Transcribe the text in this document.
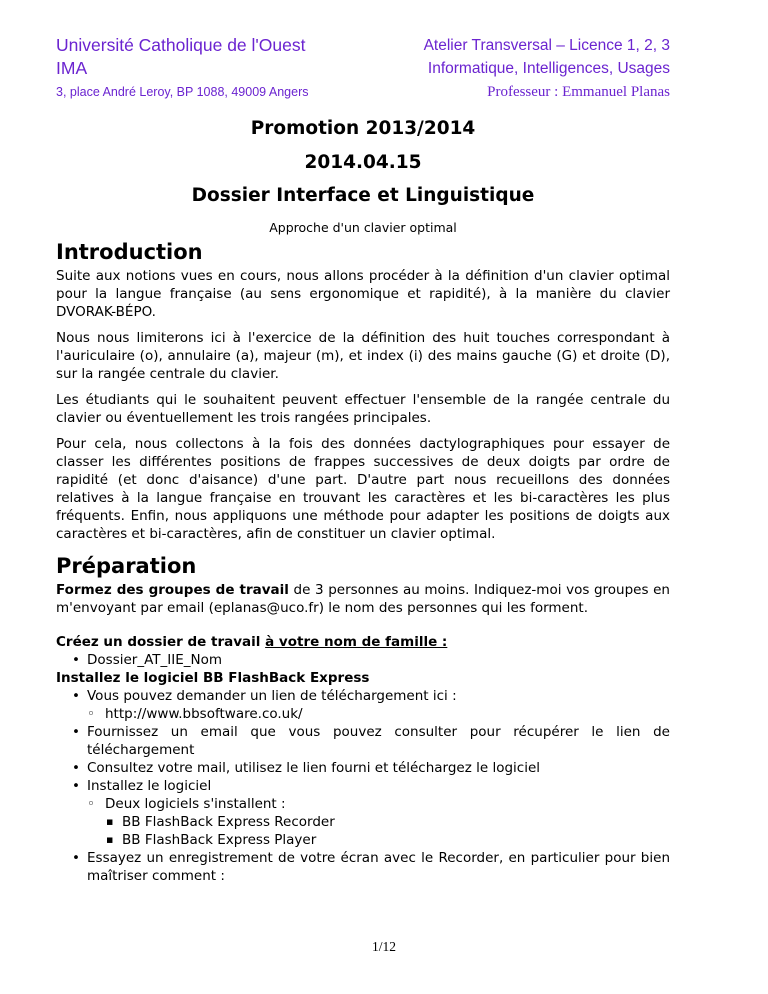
Université Catholique de l'Ouest
IMA
3, place André Leroy, BP 1088, 49009 Angers
Atelier Transversal – Licence 1, 2, 3
Informatique, Intelligences, Usages
Professeur : Emmanuel Planas
Promotion 2013/2014
2014.04.15
Dossier Interface et Linguistique
Approche d'un clavier optimal
Introduction

Suite aux notions vues en cours, nous allons procéder à la définition d'un clavier optimal pour la langue française (au sens ergonomique et rapidité), à la manière du clavier DVORAK-BÉPO.

Nous nous limiterons ici à l'exercice de la définition des huit touches correspondant à l'auriculaire (o), annulaire (a), majeur (m), et index (i) des mains gauche (G) et droite (D), sur la rangée centrale du clavier.

Les étudiants qui le souhaitent peuvent effectuer l'ensemble de la rangée centrale du clavier ou éventuellement les trois rangées principales.

Pour cela, nous collectons à la fois des données dactylographiques pour essayer de classer les différentes positions de frappes successives de deux doigts par ordre de rapidité (et donc d'aisance) d'une part. D'autre part nous recueillons des données relatives à la langue française en trouvant les caractères et les bi-caractères les plus fréquents. Enfin, nous appliquons une méthode pour adapter les positions de doigts aux caractères et bi-caractères, afin de constituer un clavier optimal.

Préparation

Formez des groupes de travail de 3 personnes au moins. Indiquez-moi vos groupes en m'envoyant par email (eplanas@uco.fr) le nom des personnes qui les forment.

Créez un dossier de travail à votre nom de famille :
• Dossier_AT_IIE_Nom
Installez le logiciel BB FlashBack Express
• Vous pouvez demander un lien de téléchargement ici :
◦ http://www.bbsoftware.co.uk/
• Fournissez un email que vous pouvez consulter pour récupérer le lien de téléchargement
• Consultez votre mail, utilisez le lien fourni et téléchargez le logiciel
• Installez le logiciel
◦ Deux logiciels s'installent :
▪ BB FlashBack Express Recorder
▪ BB FlashBack Express Player
• Essayez un enregistrement de votre écran avec le Recorder, en particulier pour bien maîtriser comment :
1/12
